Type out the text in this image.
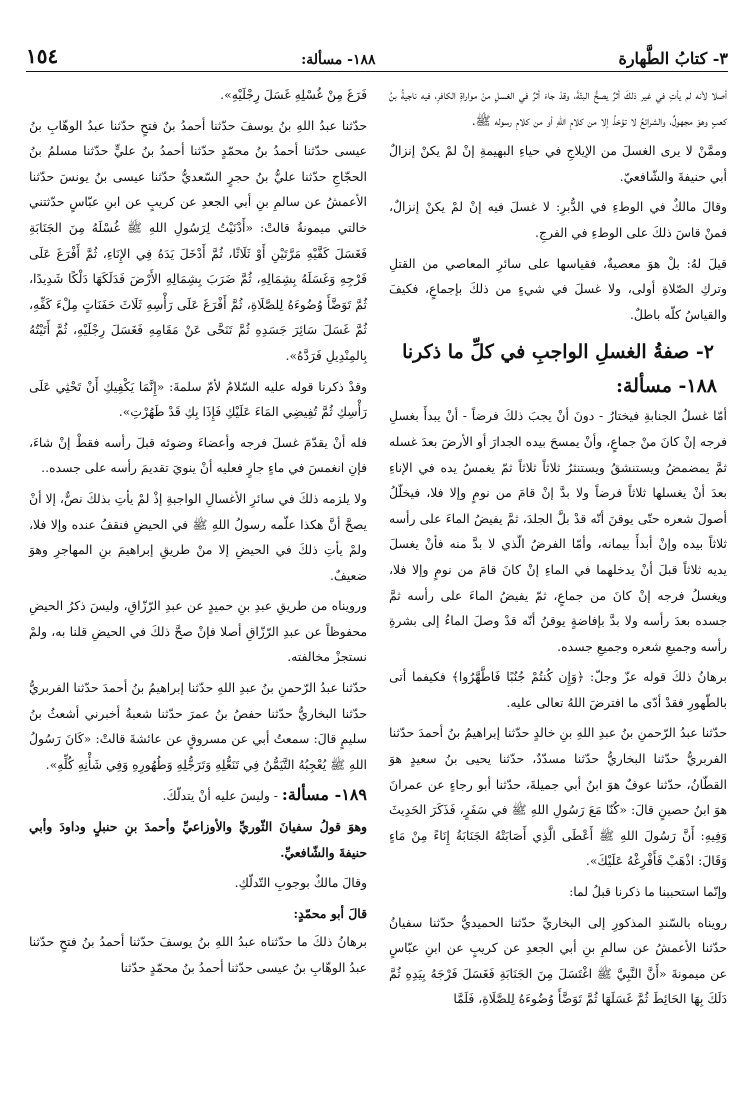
٣- كتابُ الطَّهارة
١٨٨- مسألة:
١٥٤

أصلا لأنه لم يأتِ في غير ذلكَ أثرٌ يصحُّ البتّةَ، وقدْ جاءَ أثرٌ في الغسلِ منْ مواراةِ الكافرِ، فيه ناجيةُ بنُ كعبٍ وهوَ مجهولٌ، والشرائعُ لا تؤخذُ إلا من كلامِ اللهِ أو من كلامِ رسوله ﷺ.

وممَّنْ لا يرى الغسلَ من الإيلاجِ في حياءِ البهيمةِ إنْ لمْ يكنْ إنزالٌ أبي حنيفةَ والشّافعيّ.

وقالَ مالكٌ في الوطءِ في الدُّبرِ: لا غسلَ فيه إنْ لمْ يكنْ إنزالٌ، فمنْ قاسَ ذلكَ على الوطءِ في الفرجِ.

قيلَ لهُ: بلْ هوَ معصيةٌ، فقياسها على سائرِ المعاصي من القتلِ وتركِ الصّلاةِ أولى، ولا غسلَ في شيءٍ من ذلكَ بإجماعٍ، فكيفَ والقياسُ كلّه باطلٌ.

٢- صفةُ الغسلِ الواجبِ في كلِّ ما ذكرنا
١٨٨- مسألة:

أمّا غسلُ الجنابةِ فيختارُ - دونَ أنْ يجبَ ذلكَ فرضاً - أنْ يبدأَ بغسلِ فرجه إنْ كانَ منْ جماعٍ، وأنْ يمسحَ بيده الجدارَ أو الأرضَ بعدَ غسله ثمَّ يمضمضُ ويستنشقُ ويستنثرُ ثلاثاً ثلاثاً ثمّ يغمسُ يده في الإناءِ بعدَ أنْ يغسلها ثلاثاً فرضاً ولا بدَّ إنْ قامَ من نومٍ وإلا فلا، فيخلّلُ أصولَ شعره حتّى يوقنَ أنّه قدْ بلَّ الجلدَ، ثمَّ يفيضُ الماءَ على رأسه ثلاثاً بيده وإنْ أبدأَ بيمانه، وأمّا الفرضُ الّذي لا بدَّ منه فأنْ يغسلَ يديه ثلاثاً قبلَ أنْ يدخلهما في الماءِ إنْ كانَ قامَ من نومٍ وإلا فلا، ويغسلُ فرجه إنْ كانَ من جماعٍ، ثمّ يفيضُ الماءَ على رأسه ثمَّ جسده بعدَ رأسه ولا بدَّ بإفاضةٍ يوقنُ أنّه قدْ وصلَ الماءُ إلى بشرةِ رأسه وجميعِ شعره وجميعِ جسده.

برهانُ ذلكَ قوله عزّ وجلّ: ﴿وَإِن كُنتُمْ جُنُبًا فَاطَّهَّرُوا﴾ فكيفما أتى بالطّهورِ فقدْ أدّى ما افترضَ اللهُ تعالى عليه.

حدّثنا عبدُ الرّحمنِ بنُ عبدِ اللهِ بنِ خالدٍ حدّثنا إبراهيمُ بنُ أحمدَ حدّثنا الفربريُّ حدّثنا البخاريُّ حدّثنا مسدّدٌ، حدّثنا يحيى بنُ سعيدٍ هوَ القطّانُ، حدّثنا عوفٌ هوَ ابنُ أبي جميلةَ، حدّثنا أبو رجاءٍ عن عمرانَ هوَ ابنُ حصينٍ قالَ: «كُنّا مَعَ رَسُولِ اللهِ ﷺ في سَفَرٍ، فَذَكَرَ الحَدِيثَ وَفِيهِ: أَنَّ رَسُولَ اللهِ ﷺ أَعْطَى الَّذِي أَصَابَتْهُ الجَنَابَةُ إِنَاءً مِنْ مَاءٍ وَقَالَ: اذْهَبْ فَأَفْرِغْهُ عَلَيْكَ».

وإنّما استحببنا ما ذكرنا قبلُ لما:

رويناه بالسّندِ المذكورِ إلى البخاريِّ حدّثنا الحميديُّ حدّثنا سفيانُ حدّثنا الأعمشُ عن سالمِ بنِ أبي الجعدِ عن كريبٍ عن ابنِ عبّاسٍ عن ميمونةَ «أَنَّ النَّبِيَّ ﷺ اغْتَسَلَ مِنَ الجَنَابَةِ فَغَسَلَ فَرْجَهُ بِيَدِهِ ثُمَّ دَلَكَ بِهَا الحَائِطَ ثُمَّ غَسَلَهَا ثُمَّ تَوَضَّأَ وُضُوءَهُ لِلصَّلَاةِ، فَلَمَّا

فَرَغَ مِنْ غُسْلِهِ غَسَلَ رِجْلَيْهِ».

حدّثنا عبدُ اللهِ بنُ يوسفَ حدّثنا أحمدُ بنُ فتحٍ حدّثنا عبدُ الوهّابِ بنُ عيسى حدّثنا أحمدُ بنُ محمّدٍ حدّثنا أحمدُ بنُ عليٍّ حدّثنا مسلمُ بنُ الحجّاجِ حدّثنا عليُّ بنُ حجرٍ السّعديُّ حدّثنا عيسى بنُ يونسَ حدّثنا الأعمشُ عن سالمِ بنِ أبي الجعدِ عن كريبٍ عن ابنِ عبّاسٍ حدّثتني خالتي ميمونةُ قالتْ: «أَدْنَيْتُ لِرَسُولِ اللهِ ﷺ غُسْلَهُ مِنَ الجَنَابَةِ فَغَسَلَ كَفَّيْهِ مَرَّتَيْنِ أَوْ ثَلَاثًا، ثُمَّ أَدْخَلَ يَدَهُ فِي الإِنَاءِ، ثُمَّ أَفْرَغَ عَلَى فَرْجِهِ وَغَسَلَهُ بِشِمَالِهِ، ثُمَّ ضَرَبَ بِشِمَالِهِ الأَرْضَ فَدَلَكَهَا دَلْكًا شَدِيدًا، ثُمَّ تَوَضَّأَ وُضُوءَهُ لِلصَّلَاةِ، ثُمَّ أَفْرَغَ عَلَى رَأْسِهِ ثَلَاثَ حَفَنَاتٍ مِلْءَ كَفِّهِ، ثُمَّ غَسَلَ سَائِرَ جَسَدِهِ ثُمَّ تَنَحَّى عَنْ مَقَامِهِ فَغَسَلَ رِجْلَيْهِ، ثُمَّ أَتَيْتُهُ بِالمِنْدِيلِ فَرَدَّهُ».

وقدْ ذكرنا قوله عليه السّلامُ لأمّ سلمةَ: «إِنَّمَا يَكْفِيكِ أَنْ تَحْثِي عَلَى رَأْسِكِ ثُمَّ تُفِيضِي المَاءَ عَلَيْكِ فَإِذَا بِكِ قَدْ طَهُرْتِ».

فله أنْ يقدّمَ غسلَ فرجه وأعضاءَ وضوئه قبلَ رأسه فقطْ إنْ شاءَ، فإنِ انغمسَ في ماءٍ جارٍ فعليه أنْ ينويَ تقديمَ رأسه على جسده..

ولا يلزمه ذلكَ في سائرِ الأغسالِ الواجبةِ إذْ لمْ يأتِ بذلكَ نصٌّ، إلا أنْ يصحَّ أنَّ هكذا علّمه رسولُ اللهِ ﷺ في الحيضِ فنقفُ عنده وإلا فلا، ولمْ يأتِ ذلكَ في الحيضِ إلا منْ طريقِ إبراهيمَ بنِ المهاجرِ وهوَ ضعيفٌ.

ورويناه من طريقِ عبدِ بنِ حميدٍ عن عبدِ الرّزّاقِ، وليسَ ذكرُ الحيضِ محفوظاً عن عبدِ الرّزّاقِ أصلا فإنْ صحَّ ذلكَ في الحيضِ قلنا به، ولمْ نستجزْ مخالفته.

حدّثنا عبدُ الرّحمنِ بنُ عبدِ اللهِ حدّثنا إبراهيمُ بنُ أحمدَ حدّثنا الفربريُّ حدّثنا البخاريُّ حدّثنا حفصُ بنُ عمرَ حدّثنا شعبةُ أخبرني أشعثُ بنُ سليمٍ قالَ: سمعتُ أبي عن مسروقٍ عن عائشةَ قالتْ: «كَانَ رَسُولُ اللهِ ﷺ يُعْجِبُهُ التَّيَمُّنُ فِي تَنَعُّلِهِ وَتَرَجُّلِهِ وَطُهُورِهِ وَفِي شَأْنِهِ كُلِّهِ».

١٨٩- مسألة: - وليسَ عليه أنْ يتدلّكَ.

وهوَ قولُ سفيانَ الثّوريِّ والأوزاعيِّ وأحمدَ بنِ حنبلٍ وداودَ وأبي حنيفةَ والشّافعيِّ.

وقالَ مالكٌ بوجوبِ التّدلّكِ.

قالَ أبو محمّدٍ:

برهانُ ذلكَ ما حدّثناه عبدُ اللهِ بنُ يوسفَ حدّثنا أحمدُ بنُ فتحٍ حدّثنا عبدُ الوهّابِ بنُ عيسى حدّثنا أحمدُ بنُ محمّدٍ حدّثنا
